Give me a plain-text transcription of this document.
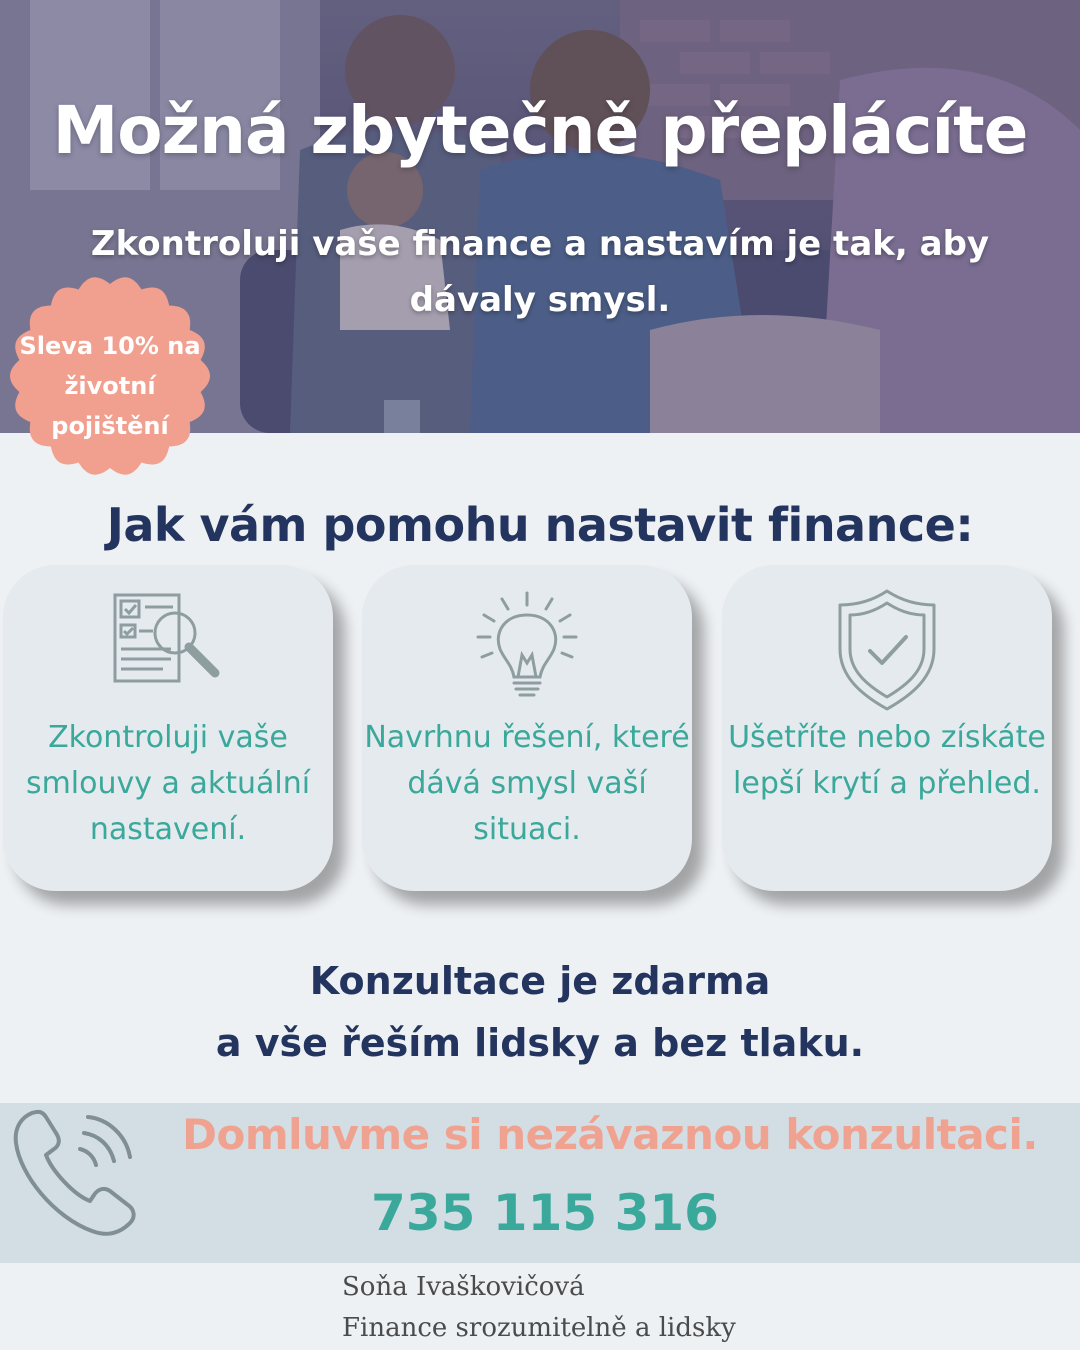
Možná zbytečně přeplácíte

Zkontroluji vaše finance a nastavím je tak, aby dávaly smysl.

Sleva 10% na životní pojištění
Jak vám pomohu nastavit finance:
Zkontroluji vaše smlouvy a aktuální nastavení.
Navrhnu řešení, které dává smysl vaší situaci.
Ušetříte nebo získáte lepší krytí a přehled.
Konzultace je zdarma
a vše řeším lidsky a bez tlaku.
Domluvme si nezávaznou konzultaci.
735 115 316
Soňa Ivaškovičová
Finance srozumitelně a lidsky
